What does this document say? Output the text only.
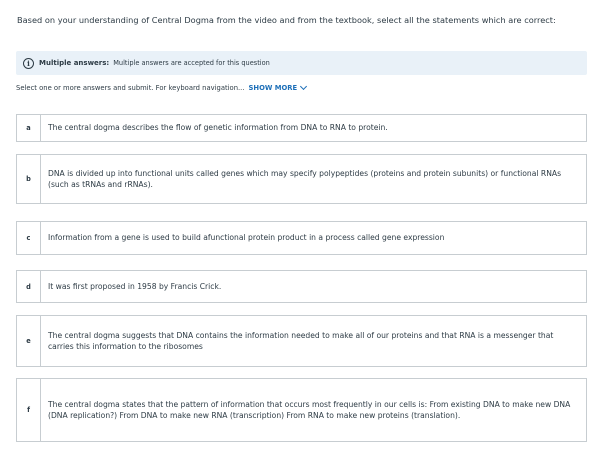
Based on your understanding of Central Dogma from the video and from the textbook, select all the statements which are correct:
i	Multiple answers: Multiple answers are accepted for this question
Select one or more answers and submit. For keyboard navigation... SHOW MORE
a	The central dogma describes the flow of genetic information from DNA to RNA to protein.
b
DNA is divided up into functional units called genes which may specify polypeptides (proteins and protein subunits) or functional RNAs (such as tRNAs and rRNAs).
c	Information from a gene is used to build afunctional protein product in a process called gene expression
d	It was first proposed in 1958 by Francis Crick.
e
The central dogma suggests that DNA contains the information needed to make all of our proteins and that RNA is a messenger that carries this information to the ribosomes
f
The central dogma states that the pattern of information that occurs most frequently in our cells is: From existing DNA to make new DNA (DNA replication?) From DNA to make new RNA (transcription) From RNA to make new proteins (translation).
